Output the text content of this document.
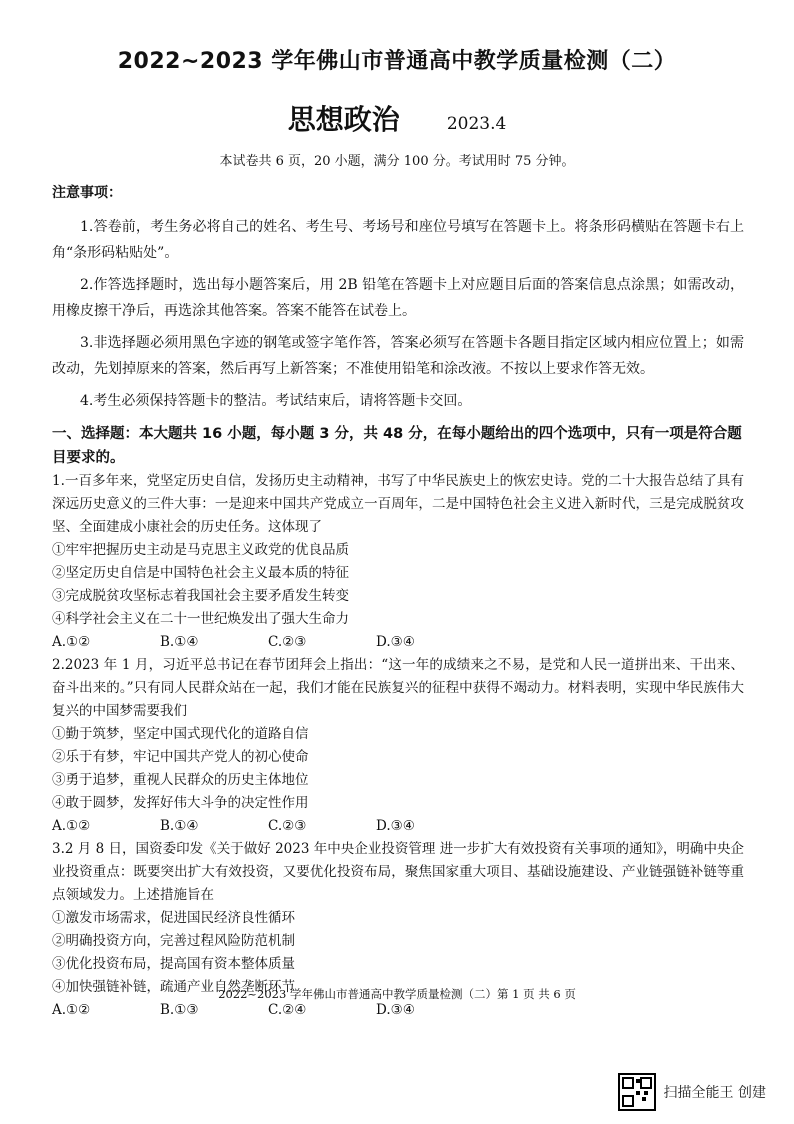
2022~2023 学年佛山市普通高中教学质量检测（二）
思想政治	2023.4
本试卷共 6 页，20 小题，满分 100 分。考试用时 75 分钟。
注意事项：

1.答卷前，考生务必将自己的姓名、考生号、考场号和座位号填写在答题卡上。将条形码横贴在答题卡右上角“条形码粘贴处”。

2.作答选择题时，选出每小题答案后，用 2B 铅笔在答题卡上对应题目后面的答案信息点涂黑；如需改动，用橡皮擦干净后，再选涂其他答案。答案不能答在试卷上。

3.非选择题必须用黑色字迹的钢笔或签字笔作答，答案必须写在答题卡各题目指定区域内相应位置上；如需改动，先划掉原来的答案，然后再写上新答案；不准使用铅笔和涂改液。不按以上要求作答无效。

4.考生必须保持答题卡的整洁。考试结束后，请将答题卡交回。

一、选择题：本大题共 16 小题，每小题 3 分，共 48 分，在每小题给出的四个选项中，只有一项是符合题目要求的。

1.一百多年来，党坚定历史自信，发扬历史主动精神，书写了中华民族史上的恢宏史诗。党的二十大报告总结了具有深远历史意义的三件大事：一是迎来中国共产党成立一百周年，二是中国特色社会主义进入新时代，三是完成脱贫攻坚、全面建成小康社会的历史任务。这体现了

①牢牢把握历史主动是马克思主义政党的优良品质

②坚定历史自信是中国特色社会主义最本质的特征

③完成脱贫攻坚标志着我国社会主要矛盾发生转变

④科学社会主义在二十一世纪焕发出了强大生命力

A.①②	B.①④	C.②③	D.③④

2.2023 年 1 月，习近平总书记在春节团拜会上指出：“这一年的成绩来之不易，是党和人民一道拼出来、干出来、奋斗出来的。”只有同人民群众站在一起，我们才能在民族复兴的征程中获得不竭动力。材料表明，实现中华民族伟大复兴的中国梦需要我们

①勤于筑梦，坚定中国式现代化的道路自信

②乐于有梦，牢记中国共产党人的初心使命

③勇于追梦，重视人民群众的历史主体地位

④敢于圆梦，发挥好伟大斗争的决定性作用

A.①②	B.①④	C.②③	D.③④

3.2 月 8 日，国资委印发《关于做好 2023 年中央企业投资管理 进一步扩大有效投资有关事项的通知》，明确中央企业投资重点：既要突出扩大有效投资，又要优化投资布局，聚焦国家重大项目、基础设施建设、产业链强链补链等重点领域发力。上述措施旨在

①激发市场需求，促进国民经济良性循环

②明确投资方向，完善过程风险防范机制

③优化投资布局，提高国有资本整体质量

④加快强链补链，疏通产业自然垄断环节

A.①②	B.①③	C.②④	D.③④
2022~2023 学年佛山市普通高中教学质量检测（二）第 1 页 共 6 页
扫描全能王 创建
